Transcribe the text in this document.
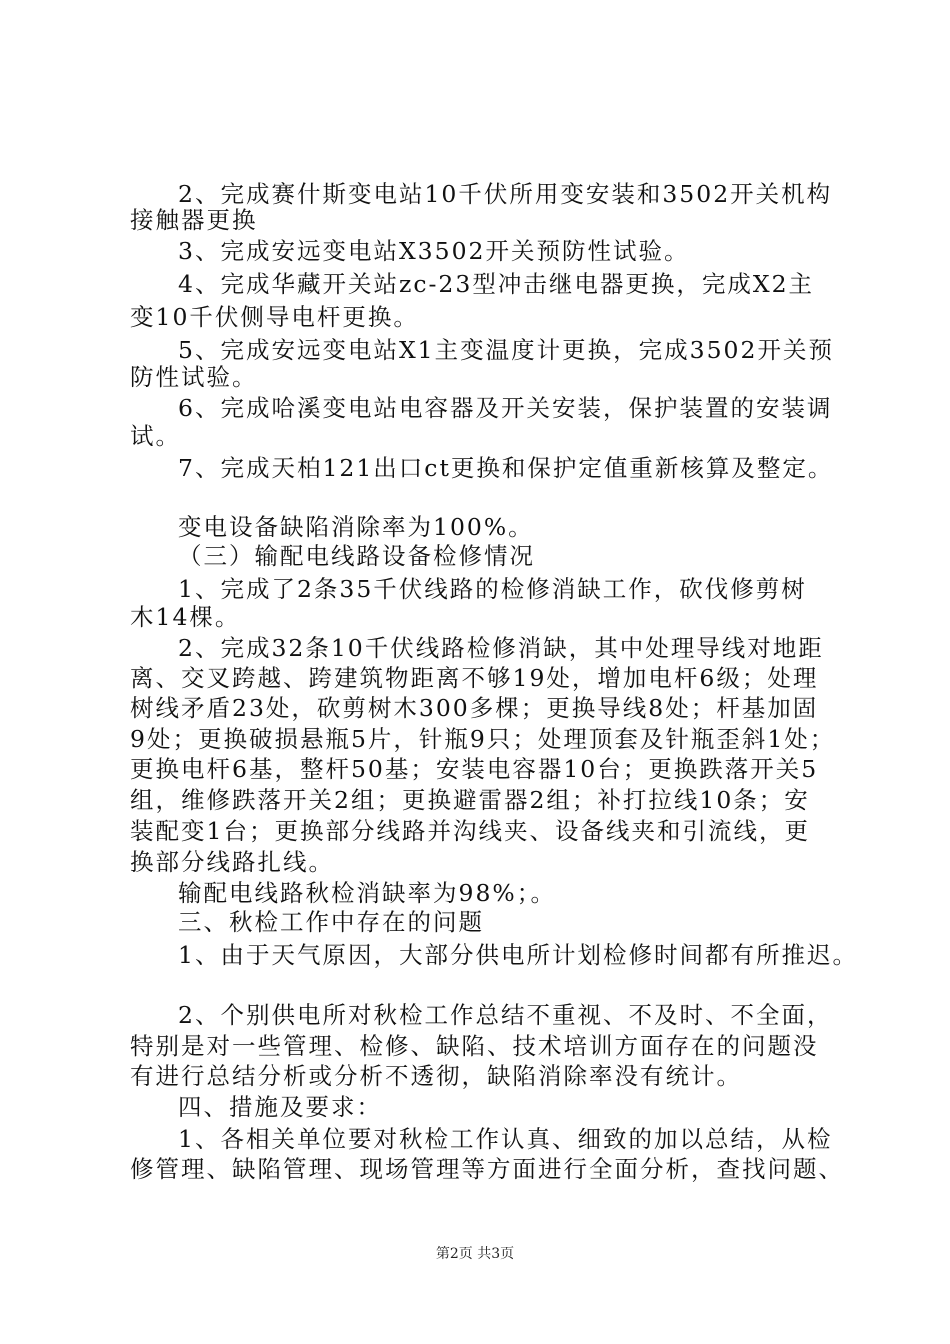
2、完成赛什斯变电站10千伏所用变安装和3502开关机构
接触器更换
3、完成安远变电站X3502开关预防性试验。
4、完成华藏开关站zc-23型冲击继电器更换，完成X2主
变10千伏侧导电杆更换。
5、完成安远变电站X1主变温度计更换，完成3502开关预
防性试验。
6、完成哈溪变电站电容器及开关安装，保护装置的安装调
试。
7、完成天柏121出口ct更换和保护定值重新核算及整定。
变电设备缺陷消除率为100%。
（三）输配电线路设备检修情况
1、完成了2条35千伏线路的检修消缺工作，砍伐修剪树
木14棵。
2、完成32条10千伏线路检修消缺，其中处理导线对地距
离、交叉跨越、跨建筑物距离不够19处，增加电杆6级；处理
树线矛盾23处，砍剪树木300多棵；更换导线8处；杆基加固
9处；更换破损悬瓶5片，针瓶9只；处理顶套及针瓶歪斜1处；
更换电杆6基，整杆50基；安装电容器10台；更换跌落开关5
组，维修跌落开关2组；更换避雷器2组；补打拉线10条；安
装配变1台；更换部分线路并沟线夹、设备线夹和引流线，更
换部分线路扎线。
输配电线路秋检消缺率为98%；。
三、秋检工作中存在的问题
1、由于天气原因，大部分供电所计划检修时间都有所推迟。
2、个别供电所对秋检工作总结不重视、不及时、不全面，
特别是对一些管理、检修、缺陷、技术培训方面存在的问题没
有进行总结分析或分析不透彻，缺陷消除率没有统计。
四、措施及要求：
1、各相关单位要对秋检工作认真、细致的加以总结，从检
修管理、缺陷管理、现场管理等方面进行全面分析，查找问题、
第2页 共3页
